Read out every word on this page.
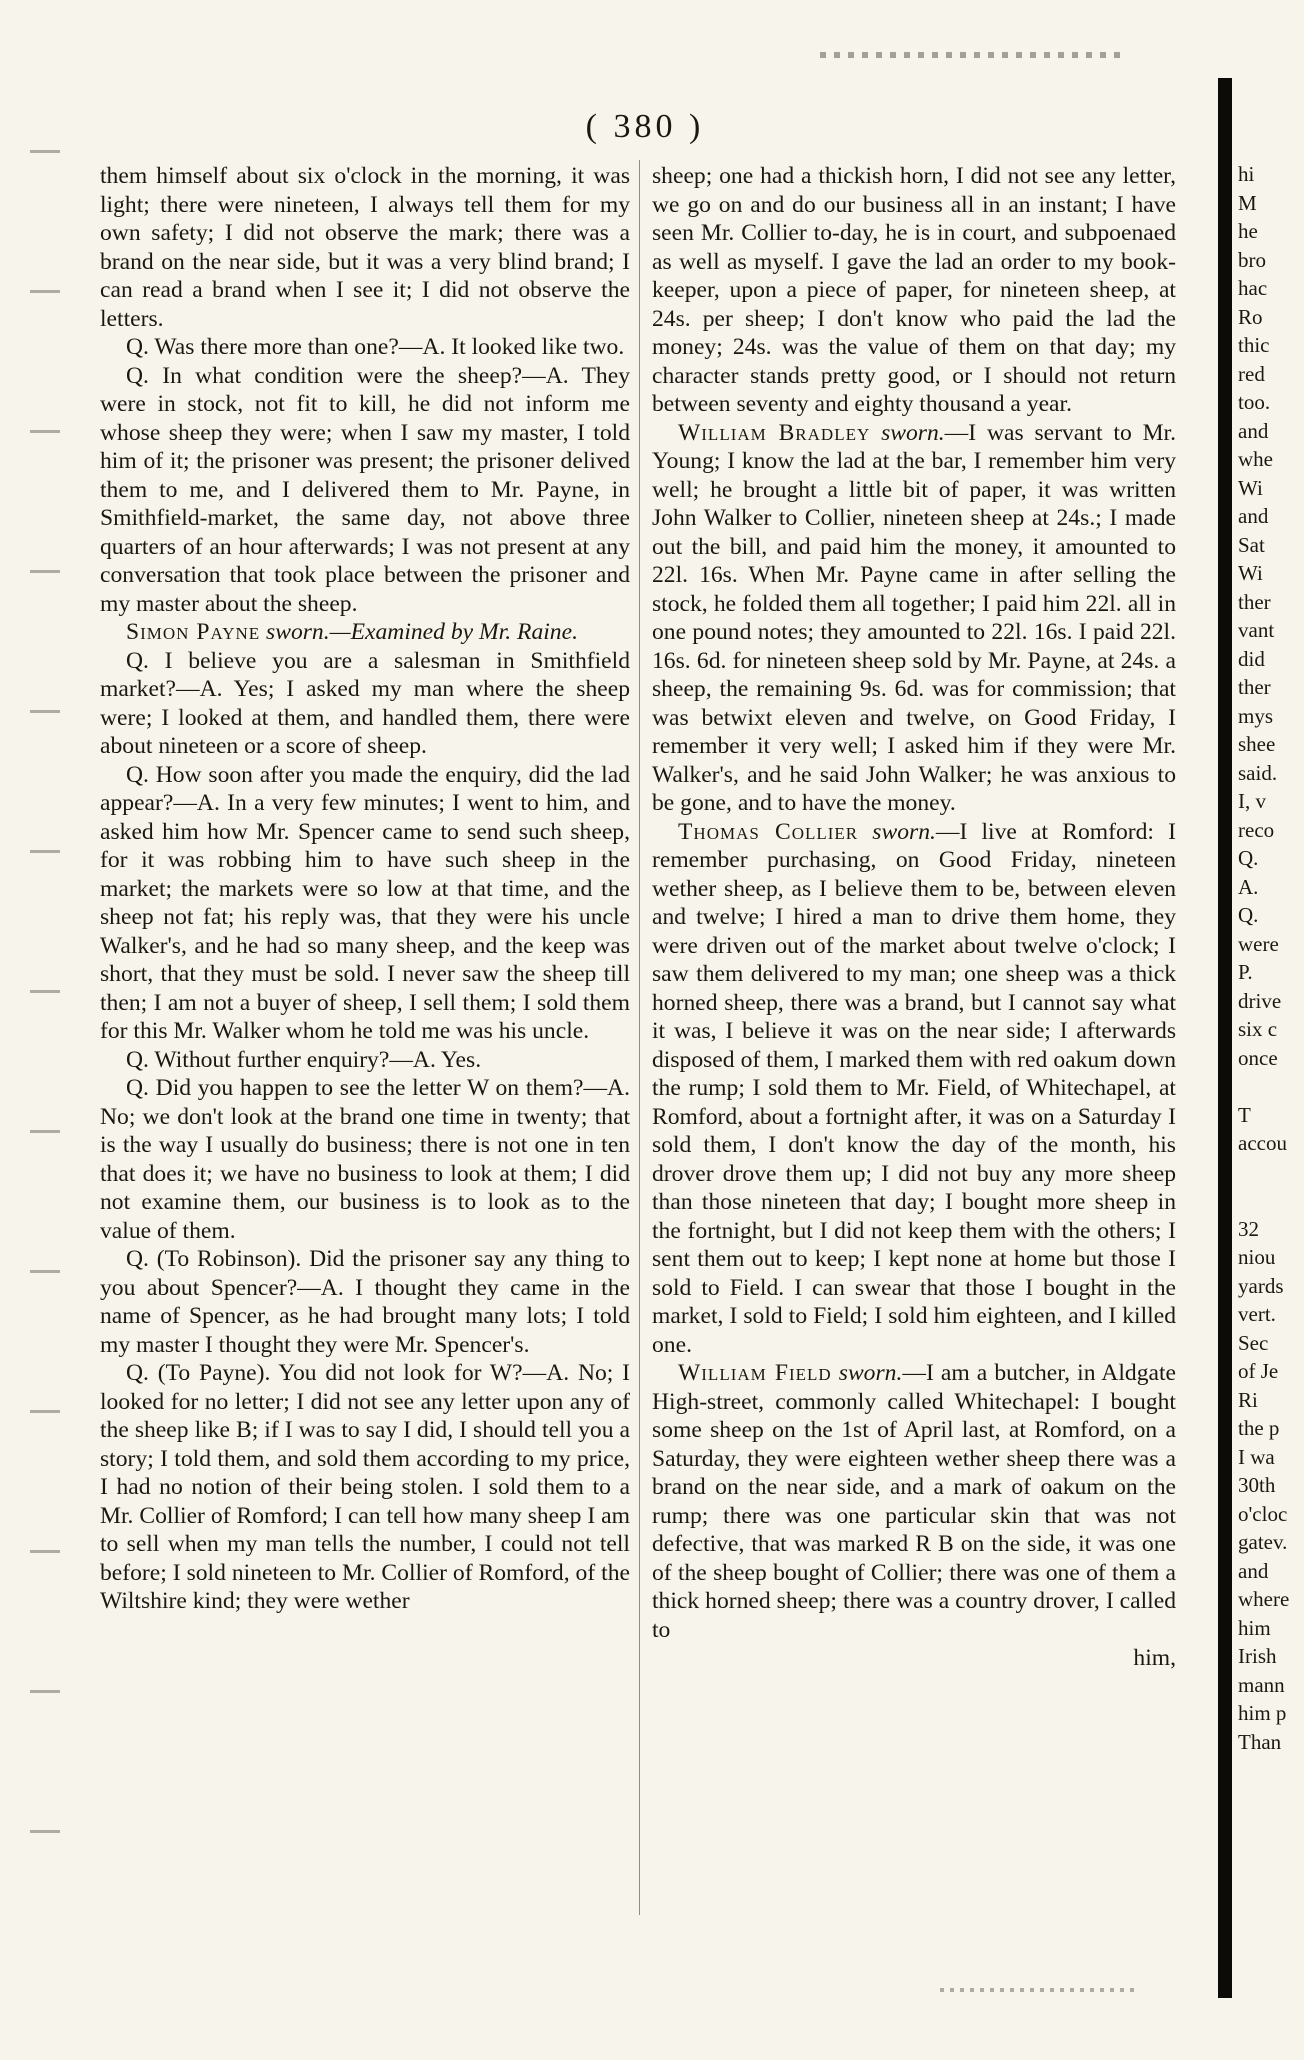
( 380 )

them himself about six o'clock in the morning, it was light; there were nineteen, I always tell them for my own safety; I did not observe the mark; there was a brand on the near side, but it was a very blind brand; I can read a brand when I see it; I did not observe the letters.

Q. Was there more than one?—A. It looked like two.

Q. In what condition were the sheep?—A. They were in stock, not fit to kill, he did not inform me whose sheep they were; when I saw my master, I told him of it; the prisoner was present; the prisoner delived them to me, and I delivered them to Mr. Payne, in Smithfield-market, the same day, not above three quarters of an hour afterwards; I was not present at any conversation that took place between the prisoner and my master about the sheep.

Simon Payne sworn.—Examined by Mr. Raine.

Q. I believe you are a salesman in Smithfield market?—A. Yes; I asked my man where the sheep were; I looked at them, and handled them, there were about nineteen or a score of sheep.

Q. How soon after you made the enquiry, did the lad appear?—A. In a very few minutes; I went to him, and asked him how Mr. Spencer came to send such sheep, for it was robbing him to have such sheep in the market; the markets were so low at that time, and the sheep not fat; his reply was, that they were his uncle Walker's, and he had so many sheep, and the keep was short, that they must be sold. I never saw the sheep till then; I am not a buyer of sheep, I sell them; I sold them for this Mr. Walker whom he told me was his uncle.

Q. Without further enquiry?—A. Yes.

Q. Did you happen to see the letter W on them?—A. No; we don't look at the brand one time in twenty; that is the way I usually do business; there is not one in ten that does it; we have no business to look at them; I did not examine them, our business is to look as to the value of them.

Q. (To Robinson). Did the prisoner say any thing to you about Spencer?—A. I thought they came in the name of Spencer, as he had brought many lots; I told my master I thought they were Mr. Spencer's.

Q. (To Payne). You did not look for W?—A. No; I looked for no letter; I did not see any letter upon any of the sheep like B; if I was to say I did, I should tell you a story; I told them, and sold them according to my price, I had no notion of their being stolen. I sold them to a Mr. Collier of Romford; I can tell how many sheep I am to sell when my man tells the number, I could not tell before; I sold nineteen to Mr. Collier of Romford, of the Wiltshire kind; they were wether

sheep; one had a thickish horn, I did not see any letter, we go on and do our business all in an instant; I have seen Mr. Collier to-day, he is in court, and subpoenaed as well as myself. I gave the lad an order to my book-keeper, upon a piece of paper, for nineteen sheep, at 24s. per sheep; I don't know who paid the lad the money; 24s. was the value of them on that day; my character stands pretty good, or I should not return between seventy and eighty thousand a year.

William Bradley sworn.—I was servant to Mr. Young; I know the lad at the bar, I remember him very well; he brought a little bit of paper, it was written John Walker to Collier, nineteen sheep at 24s.; I made out the bill, and paid him the money, it amounted to 22l. 16s. When Mr. Payne came in after selling the stock, he folded them all together; I paid him 22l. all in one pound notes; they amounted to 22l. 16s. I paid 22l. 16s. 6d. for nineteen sheep sold by Mr. Payne, at 24s. a sheep, the remaining 9s. 6d. was for commission; that was betwixt eleven and twelve, on Good Friday, I remember it very well; I asked him if they were Mr. Walker's, and he said John Walker; he was anxious to be gone, and to have the money.

Thomas Collier sworn.—I live at Romford: I remember purchasing, on Good Friday, nineteen wether sheep, as I believe them to be, between eleven and twelve; I hired a man to drive them home, they were driven out of the market about twelve o'clock; I saw them delivered to my man; one sheep was a thick horned sheep, there was a brand, but I cannot say what it was, I believe it was on the near side; I afterwards disposed of them, I marked them with red oakum down the rump; I sold them to Mr. Field, of Whitechapel, at Romford, about a fortnight after, it was on a Saturday I sold them, I don't know the day of the month, his drover drove them up; I did not buy any more sheep than those nineteen that day; I bought more sheep in the fortnight, but I did not keep them with the others; I sent them out to keep; I kept none at home but those I sold to Field. I can swear that those I bought in the market, I sold to Field; I sold him eighteen, and I killed one.

William Field sworn.—I am a butcher, in Aldgate High-street, commonly called Whitechapel: I bought some sheep on the 1st of April last, at Romford, on a Saturday, they were eighteen wether sheep there was a brand on the near side, and a mark of oakum on the rump; there was one particular skin that was not defective, that was marked R B on the side, it was one of the sheep bought of Collier; there was one of them a thick horned sheep; there was a country drover, I called to

him,

hi
M
he
bro
hac
Ro
thic
red
too.
and
whe
Wi
and
Sat
Wi
ther
vant
did
ther
mys
shee
said.
I, v
reco
Q.
A.
Q.
were
P.
drive
six c
once
T
accou
32
niou
yards
vert.
Sec
of Je
Ri
the p
I wa
30th
o'cloc
gatev.
and
where
him
Irish
mann
him p
Than
